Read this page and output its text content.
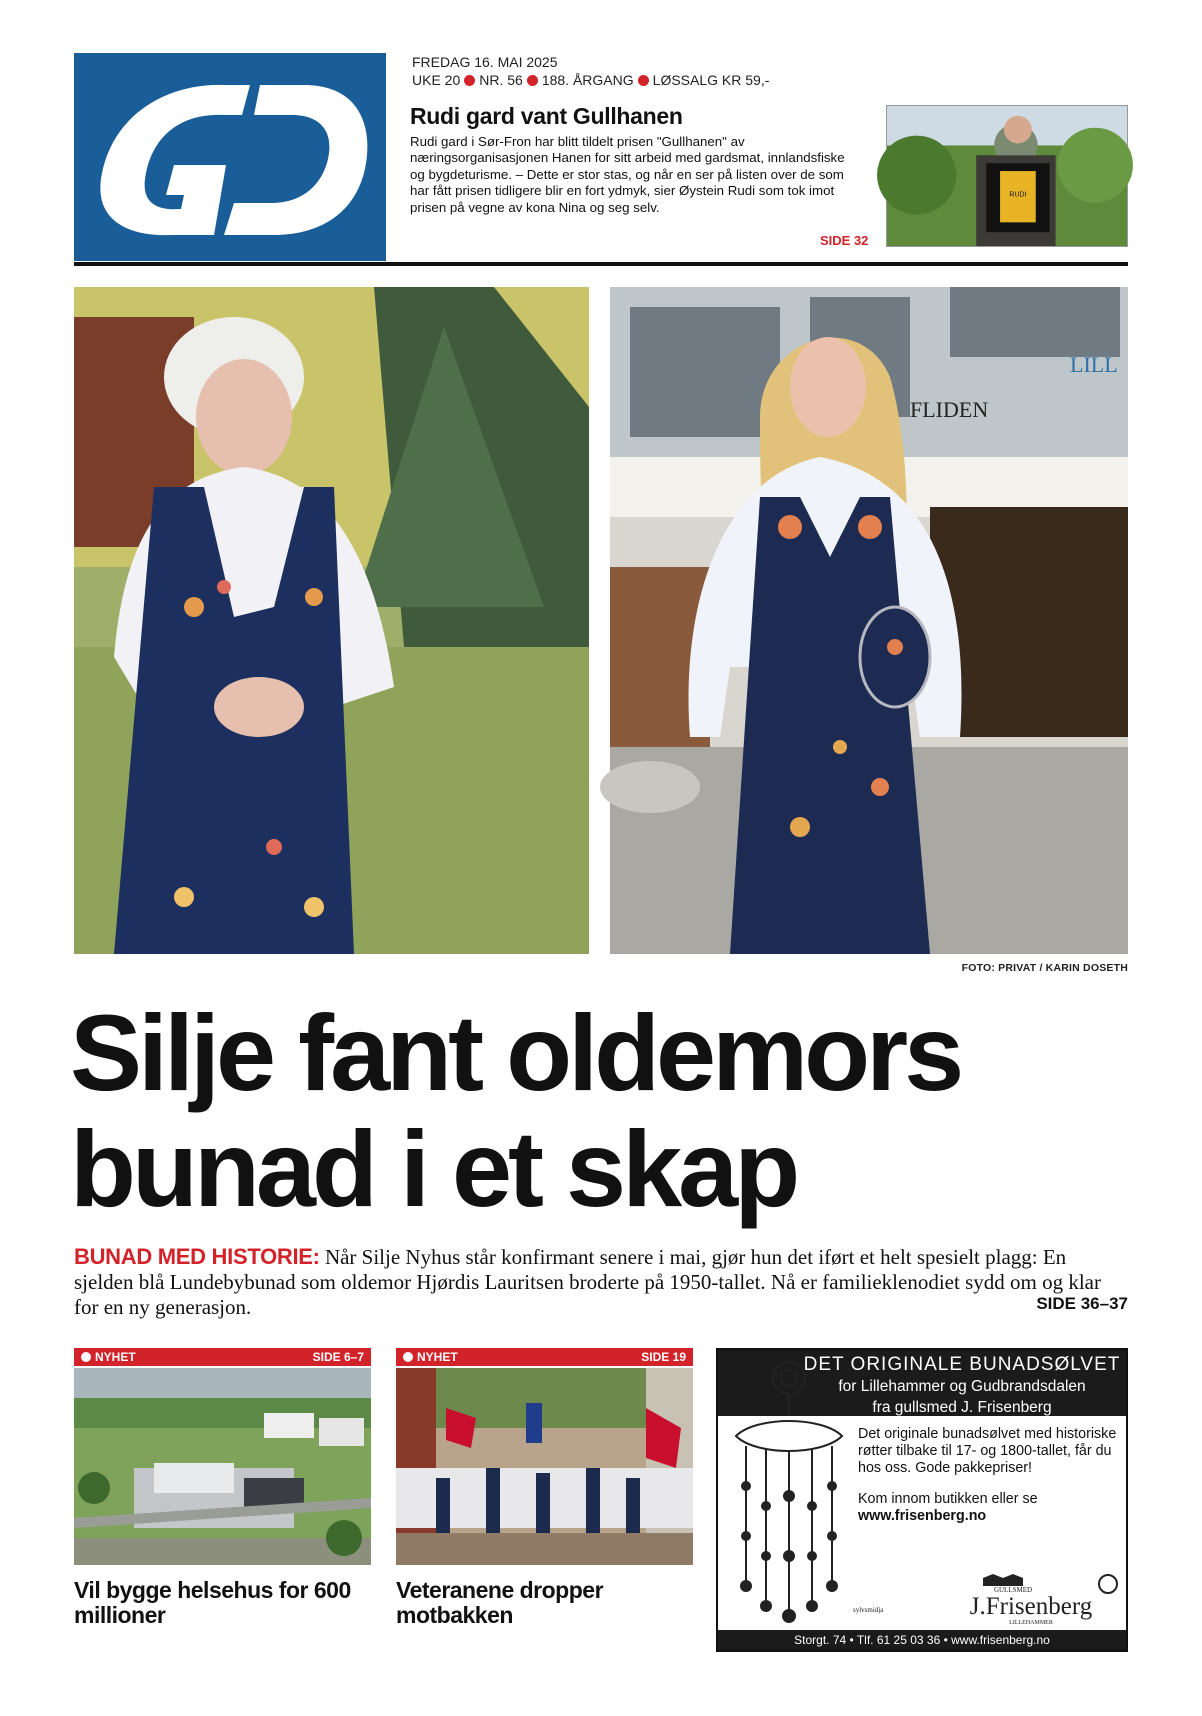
FREDAG 16. MAI 2025
UKE 20 NR. 56 188. ÅRGANG LØSSALG KR 59,-
Rudi gard vant Gullhanen
Rudi gard i Sør-Fron har blitt tildelt prisen "Gullhanen" av næringsorganisasjonen Hanen for sitt arbeid med gardsmat, innlandsfiske og bygdeturisme. – Dette er stor stas, og når en ser på listen over de som har fått prisen tidligere blir en fort ydmyk, sier Øystein Rudi som tok imot prisen på vegne av kona Nina og seg selv.
SIDE 32
RUDI
FLIDEN
LILL
FOTO: PRIVAT / KARIN DOSETH
Silje fant oldemors
bunad i et skap
BUNAD MED HISTORIE: Når Silje Nyhus står konfirmant senere i mai, gjør hun det iført et helt spesielt plagg: En sjelden blå Lundebybunad som oldemor Hjørdis Lauritsen broderte på 1950-tallet. Nå er familieklenodiet sydd om og klar for en ny generasjon.	SIDE 36–37
NYHET	SIDE 6–7
Vil bygge helsehus for 600 millioner
NYHET	SIDE 19
Veteranene dropper motbakken
DET ORIGINALE BUNADSØLVET
for Lillehammer og Gudbrandsdalen
fra gullsmed J. Frisenberg

Det originale bunadsølvet med historiske røtter tilbake til 17- og 1800-tallet, får du hos oss. Gode pakkepriser!

Kom innom butikken eller se
www.frisenberg.no
sylvsmidja
GULLSMED
J.Frisenberg
LILLEHAMMER
Storgt. 74 • Tlf. 61 25 03 36 • www.frisenberg.no
